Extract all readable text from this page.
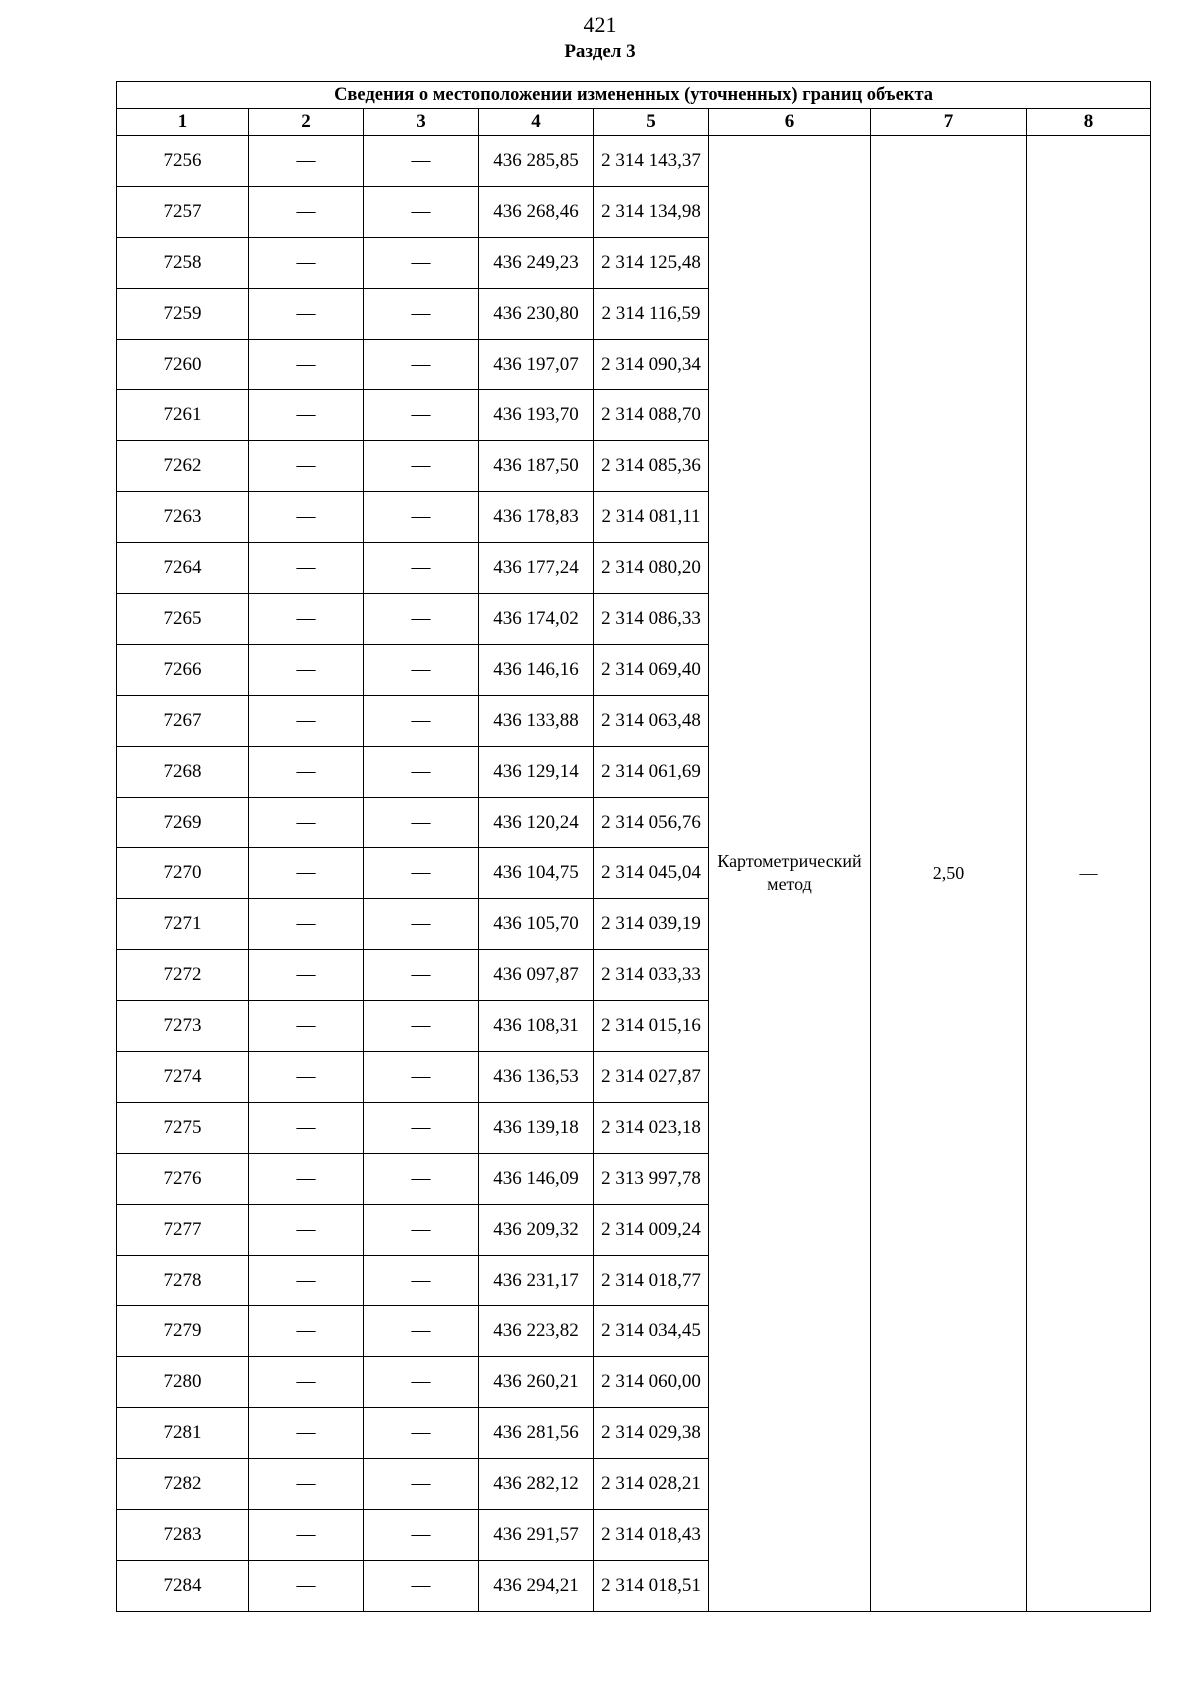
421
Раздел 3
Сведения о местоположении измененных (уточненных) границ объекта							
1	2	3	4	5	6	7	8
7256	—	—	436 285,85	2 314 143,37	Картометрический метод	2,50	—
7257	—	—	436 268,46	2 314 134,98			
7258	—	—	436 249,23	2 314 125,48			
7259	—	—	436 230,80	2 314 116,59			
7260	—	—	436 197,07	2 314 090,34			
7261	—	—	436 193,70	2 314 088,70			
7262	—	—	436 187,50	2 314 085,36			
7263	—	—	436 178,83	2 314 081,11			
7264	—	—	436 177,24	2 314 080,20			
7265	—	—	436 174,02	2 314 086,33			
7266	—	—	436 146,16	2 314 069,40			
7267	—	—	436 133,88	2 314 063,48			
7268	—	—	436 129,14	2 314 061,69			
7269	—	—	436 120,24	2 314 056,76			
7270	—	—	436 104,75	2 314 045,04			
7271	—	—	436 105,70	2 314 039,19			
7272	—	—	436 097,87	2 314 033,33			
7273	—	—	436 108,31	2 314 015,16			
7274	—	—	436 136,53	2 314 027,87			
7275	—	—	436 139,18	2 314 023,18			
7276	—	—	436 146,09	2 313 997,78			
7277	—	—	436 209,32	2 314 009,24			
7278	—	—	436 231,17	2 314 018,77			
7279	—	—	436 223,82	2 314 034,45			
7280	—	—	436 260,21	2 314 060,00			
7281	—	—	436 281,56	2 314 029,38			
7282	—	—	436 282,12	2 314 028,21			
7283	—	—	436 291,57	2 314 018,43			
7284	—	—	436 294,21	2 314 018,51			
